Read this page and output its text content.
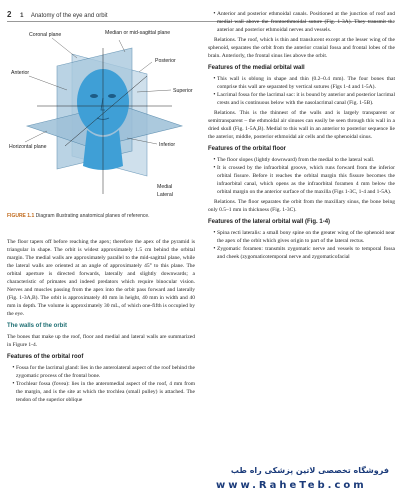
2 1 Anatomy of the eye and orbit
Coronal plane	Median or mid-sagittal plane
Posterior
Anterior
Superior
Horizontal plane	Inferior
Medial
Lateral
FIGURE 1.1 Diagram illustrating anatomical planes of reference.

The floor tapers off before reaching the apex; therefore the apex of the pyramid is triangular in shape. The orbit is widest approximately 1.5 cm behind the orbital margin. The medial walls are approximately parallel to the mid-sagittal plane, while the lateral walls are oriented at an angle of approximately 45° to this plane. The orbital aperture is directed forwards, laterally and slightly downwards; a characteristic of primates and indeed predators which require binocular vision. Nerves and muscles passing from the apex into the orbit pass forward and laterally (Fig. 1-3A,B). The orbit is approximately 40 mm in height, 40 mm in width and 40 mm in depth. The volume is approximately 30 mL, of which one-fifth is occupied by the eye.

The walls of the orbit

The bones that make up the roof, floor and medial and lateral walls are summarized in Figure 1-4.

Features of the orbital roof
• Fossa for the lacrimal gland: lies in the anterolateral aspect of the roof behind the zygomatic process of the frontal bone.
• Trochlear fossa (fovea): lies in the anteromedial aspect of the roof, 4 mm from the margin, and is the site at which the trochlea (small pulley) is attached. The tendon of the superior oblique
• Anterior and posterior ethmoidal canals. Positioned at the junction of roof and medial wall above the frontoethmoidal suture (Fig. 1-3A). They transmit the anterior and posterior ethmoidal nerves and vessels.

Relations. The roof, which is thin and translucent except at the lesser wing of the sphenoid, separates the orbit from the anterior cranial fossa and frontal lobes of the brain. Anteriorly, the frontal sinus lies above the orbit.

Features of the medial orbital wall
• This wall is oblong in shape and thin (0.2–0.4 mm). The four bones that comprise this wall are separated by vertical sutures (Figs 1-4 and 1-5A).
• Lacrimal fossa for the lacrimal sac: it is bound by anterior and posterior lacrimal crests and is continuous below with the nasolacrimal canal (Fig. 1-5B).

Relations. This is the thinnest of the walls and is largely transparent or semitransparent – the ethmoidal air sinuses can easily be seen through this wall in a dried skull (Fig. 1-5A,B). Medial to this wall in an anterior to posterior sequence lie the anterior, middle, posterior ethmoidal air cells and the sphenoidal sinus.

Features of the orbital floor
• The floor slopes (lightly downward) from the medial to the lateral wall.
• It is crossed by the infraorbital groove, which runs forward from the inferior orbital fissure. Before it reaches the orbital margin this fissure becomes the infraorbital canal, which opens as the infraorbital foramen 4 mm below the orbital margin on the anterior surface of the maxilla (Figs 1-3C, 1-4 and 1-5A).

Relations. The floor separates the orbit from the maxillary sinus, the bone being only 0.5–1 mm in thickness (Fig. 1-3C).

Features of the lateral orbital wall (Fig. 1-4)
• Spina recti lateralis: a small bony spine on the greater wing of the sphenoid near the apex of the orbit which gives origin to part of the lateral rectus.
• Zygomatic foramen: transmits zygomatic nerve and vessels to temporal fossa and cheek (zygomaticotemporal nerve and zygomaticofacial
فروشگاه تخصصی لاتین پزشکی راه طب
www.RaheTeb.com
